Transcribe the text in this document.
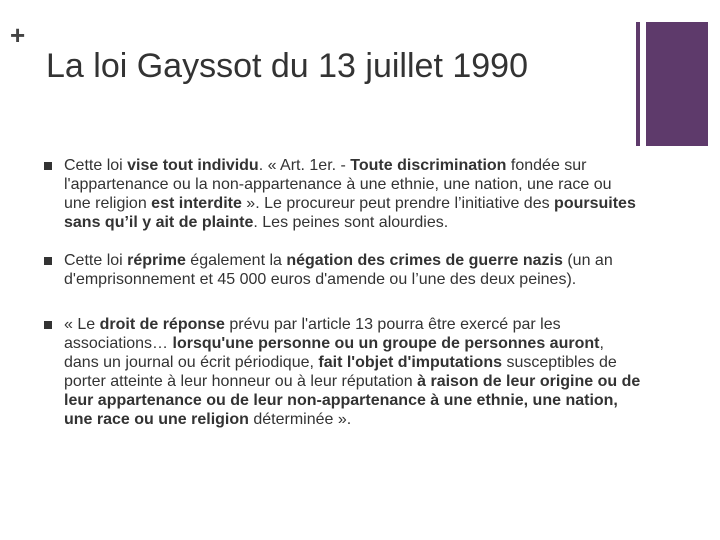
+
La loi Gayssot du 13 juillet 1990
Cette loi vise tout individu. « Art. 1er. - Toute discrimination fondée sur l'appartenance ou la non-appartenance à une ethnie, une nation, une race ou une religion est interdite ». Le procureur peut prendre l’initiative des poursuites sans qu’il y ait de plainte. Les peines sont alourdies.
Cette loi réprime également la négation des crimes de guerre nazis (un an d'emprisonnement et 45 000 euros d'amende ou l’une des deux peines).
« Le droit de réponse prévu par l'article 13 pourra être exercé par les associations… lorsqu'une personne ou un groupe de personnes auront, dans un journal ou écrit périodique, fait l'objet d'imputations susceptibles de porter atteinte à leur honneur ou à leur réputation à raison de leur origine ou de leur appartenance ou de leur non-appartenance à une ethnie, une nation, une race ou une religion déterminée ».
